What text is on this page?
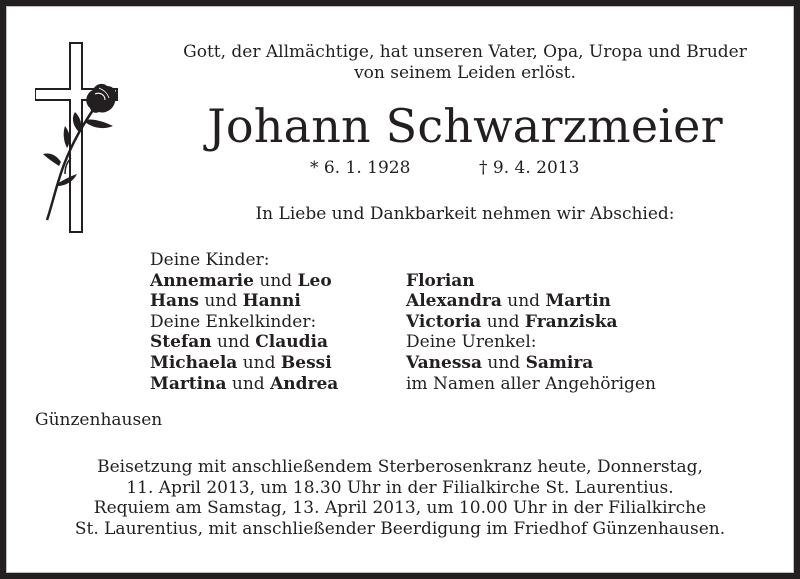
Gott, der Allmächtige, hat unseren Vater, Opa, Uropa und Bruder
von seinem Leiden erlöst.
Johann Schwarzmeier
* 6. 1. 1928	† 9. 4. 2013
In Liebe und Dankbarkeit nehmen wir Abschied:
Deine Kinder:
Annemarie und Leo
Hans und Hanni
Deine Enkelkinder:
Stefan und Claudia
Michaela und Bessi
Martina und Andrea
Florian
Alexandra und Martin
Victoria und Franziska
Deine Urenkel:
Vanessa und Samira
im Namen aller Angehörigen
Günzenhausen
Beisetzung mit anschließendem Sterberosenkranz heute, Donnerstag,
11. April 2013, um 18.30 Uhr in der Filialkirche St. Laurentius.
Requiem am Samstag, 13. April 2013, um 10.00 Uhr in der Filialkirche
St. Laurentius, mit anschließender Beerdigung im Friedhof Günzenhausen.
